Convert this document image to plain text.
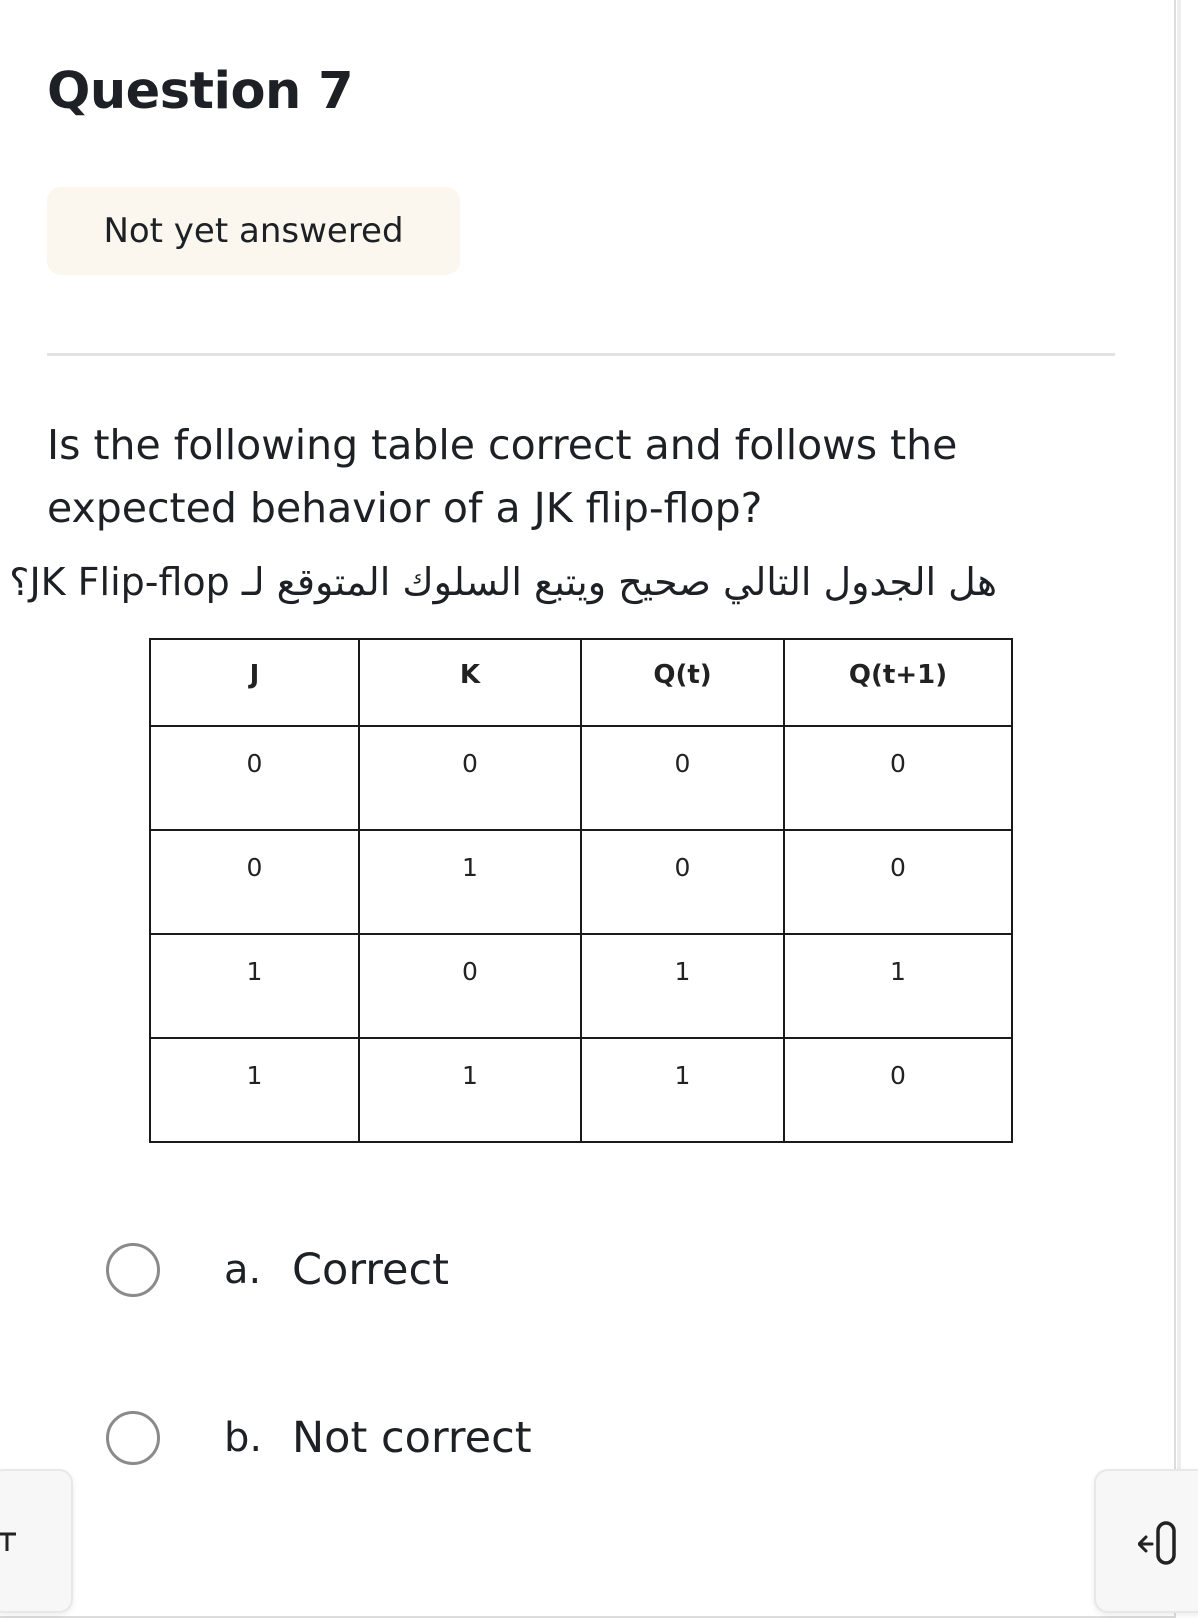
Question 7
Not yet answered
Is the following table correct and follows the expected behavior of a JK flip-flop?
هل الجدول التالي صحيح ويتبع السلوك المتوقع لـ JK Flip-flop؟
J	K	Q(t)	Q(t+1)
0	0	0	0
0	1	0	0
1	0	1	1
1	1	1	0
a. Correct
b. Not correct
